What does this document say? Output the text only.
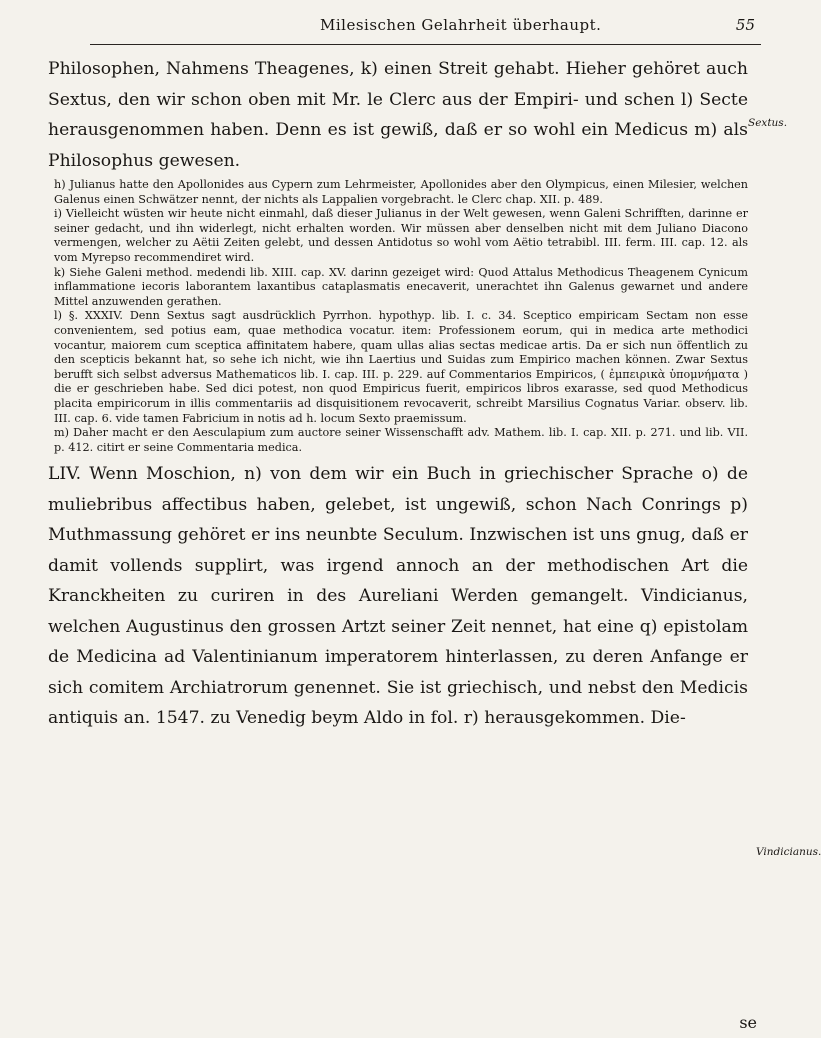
Milesischen Gelahrheit überhaupt.	55
Sextus.
Vindicianus.

Philosophen, Nahmens Theagenes, k) einen Streit gehabt. Hieher gehöret auch Sextus, den wir schon oben mit Mr. le Clerc aus der Empiri- und schen l) Secte herausgenommen haben. Denn es ist gewiß, daß er so wohl ein Medicus m) als Philosophus gewesen.

h) Julianus hatte den Apollonides aus Cypern zum Lehrmeister, Apollonides aber den Olympicus, einen Milesier, welchen Galenus einen Schwätzer nennt, der nichts als Lappalien vorgebracht. le Clerc chap. XII. p. 489.

i) Vielleicht wüsten wir heute nicht einmahl, daß dieser Julianus in der Welt gewesen, wenn Galeni Schrifften, darinne er seiner gedacht, und ihn widerlegt, nicht erhalten worden. Wir müssen aber denselben nicht mit dem Juliano Diacono vermengen, welcher zu Aëtii Zeiten gelebt, und dessen Antidotus so wohl vom Aëtio tetrabibl. III. ferm. III. cap. 12. als vom Myrepso recommendiret wird.

k) Siehe Galeni method. medendi lib. XIII. cap. XV. darinn gezeiget wird: Quod Attalus Methodicus Theagenem Cynicum inflammatione iecoris laborantem laxantibus cataplasmatis enecaverit, unerachtet ihn Galenus gewarnet und andere Mittel anzuwenden gerathen.

l) §. XXXIV. Denn Sextus sagt ausdrücklich Pyrrhon. hypothyp. lib. I. c. 34. Sceptico empiricam Sectam non esse convenientem, sed potius eam, quae methodica vocatur. item: Professionem eorum, qui in medica arte methodici vocantur, maiorem cum sceptica affinitatem habere, quam ullas alias sectas medicae artis. Da er sich nun öffentlich zu den scepticis bekannt hat, so sehe ich nicht, wie ihn Laertius und Suidas zum Empirico machen können. Zwar Sextus berufft sich selbst adversus Mathematicos lib. I. cap. III. p. 229. auf Commentarios Empiricos, ( ἐμπειρικὰ ὑπομνήματα ) die er geschrieben habe. Sed dici potest, non quod Empiricus fuerit, empiricos libros exarasse, sed quod Methodicus placita empiricorum in illis commentariis ad disquisitionem revocaverit, schreibt Marsilius Cognatus Variar. observ. lib. III. cap. 6. vide tamen Fabricium in notis ad h. locum Sexto praemissum.

m) Daher macht er den Aesculapium zum auctore seiner Wissenschafft adv. Mathem. lib. I. cap. XII. p. 271. und lib. VII. p. 412. citirt er seine Commentaria medica.

LIV. Wenn Moschion, n) von dem wir ein Buch in griechischer Sprache o) de muliebribus affectibus haben, gelebet, ist ungewiß, schon Nach Conrings p) Muthmassung gehöret er ins neunbte Seculum. Inzwischen ist uns gnug, daß er damit vollends supplirt, was irgend annoch an der methodischen Art die Kranckheiten zu curiren in des Aureliani Werden gemangelt. Vindicianus, welchen Augustinus den grossen Artzt seiner Zeit nennet, hat eine q) epistolam de Medicina ad Valentinianum imperatorem hinterlassen, zu deren Anfange er sich comitem Archiatrorum genennet. Sie ist griechisch, und nebst den Medicis antiquis an. 1547. zu Venedig beym Aldo in fol. r) herausgekommen. Die-

se
